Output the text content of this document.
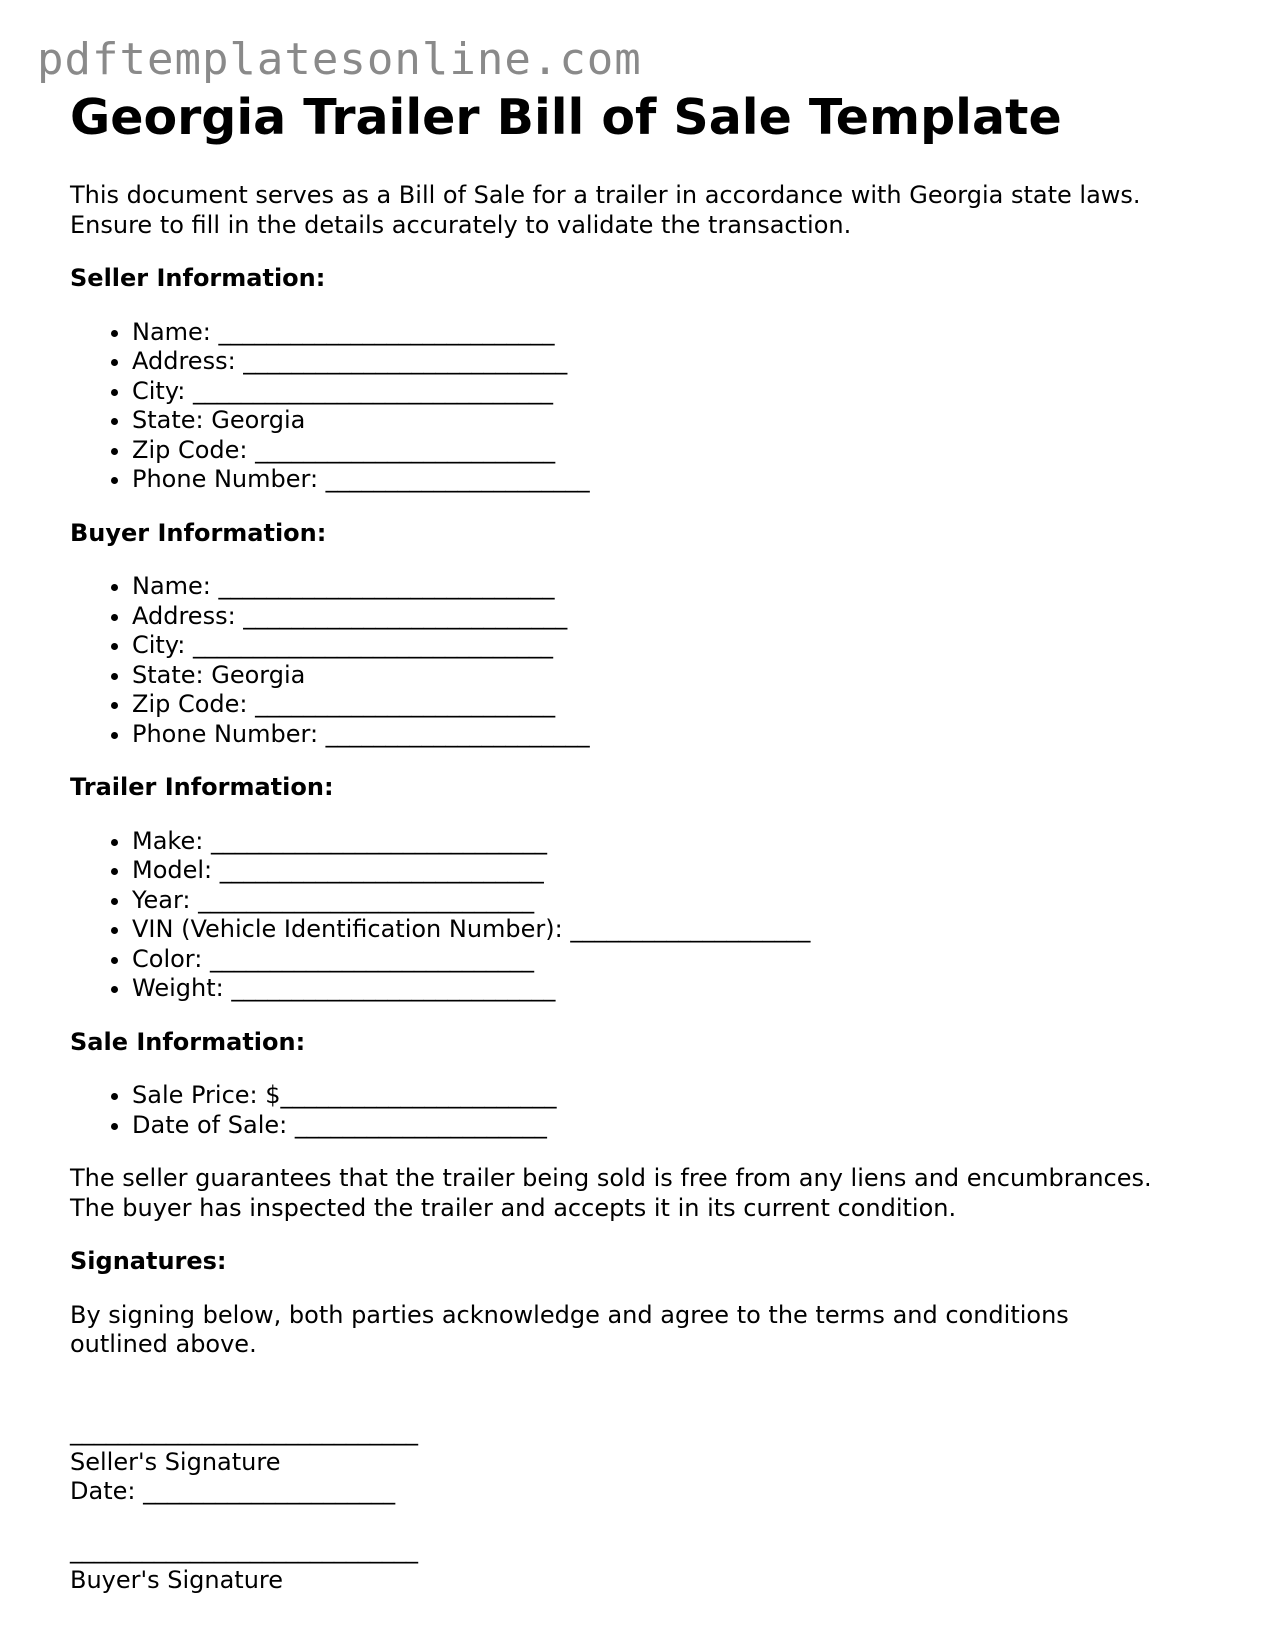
pdftemplatesonline.com
Georgia Trailer Bill of Sale Template

This document serves as a Bill of Sale for a trailer in accordance with Georgia state laws.
Ensure to fill in the details accurately to validate the transaction.

Seller Information:
• Name: ____________________________
• Address: ___________________________
• City: ______________________________
• State: Georgia
• Zip Code: _________________________
• Phone Number: ______________________
Buyer Information:
• Name: ____________________________
• Address: ___________________________
• City: ______________________________
• State: Georgia
• Zip Code: _________________________
• Phone Number: ______________________
Trailer Information:
• Make: ____________________________
• Model: ___________________________
• Year: ____________________________
• VIN (Vehicle Identification Number): ____________________
• Color: ___________________________
• Weight: ___________________________
Sale Information:
• Sale Price: $_______________________
• Date of Sale: _____________________

The seller guarantees that the trailer being sold is free from any liens and encumbrances.
The buyer has inspected the trailer and accepts it in its current condition.

Signatures:

By signing below, both parties acknowledge and agree to the terms and conditions
outlined above.

_____________________________
Seller's Signature
Date: _____________________
_____________________________
Buyer's Signature
